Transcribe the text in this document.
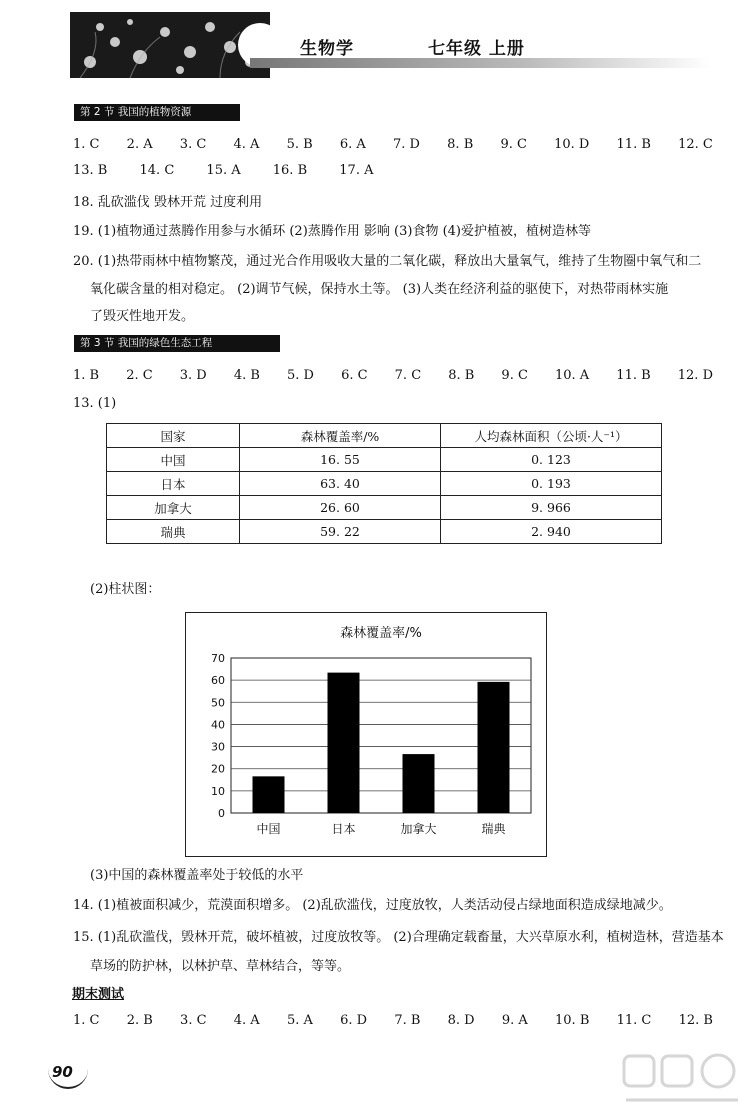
生物学	七年级 上册
第 2 节 我国的植物资源
1. C 2. A 3. C 4. A 5. B 6. A 7. D 8. B 9. C 10. D 11. B 12. C
13. B 14. C 15. A 16. B 17. A
18. 乱砍滥伐 毁林开荒 过度利用
19. (1)植物通过蒸腾作用参与水循环 (2)蒸腾作用 影响 (3)食物 (4)爱护植被，植树造林等
20. (1)热带雨林中植物繁茂，通过光合作用吸收大量的二氧化碳，释放出大量氧气，维持了生物圈中氧气和二
氧化碳含量的相对稳定。 (2)调节气候，保持水土等。 (3)人类在经济利益的驱使下，对热带雨林实施
了毁灭性地开发。
第 3 节 我国的绿色生态工程
1. B 2. C 3. D 4. B 5. D 6. C 7. C 8. B 9. C 10. A 11. B 12. D
13. (1)
国家	森林覆盖率/%	人均森林面积（公顷·人⁻¹）
中国	16. 55	0. 123
日本	63. 40	0. 193
加拿大	26. 60	9. 966
瑞典	59. 22	2. 940
(2)柱状图：
森林覆盖率/%
0
10
20
30
40
50
60
70
中国	日本	加拿大	瑞典
(3)中国的森林覆盖率处于较低的水平
14. (1)植被面积减少，荒漠面积增多。 (2)乱砍滥伐，过度放牧，人类活动侵占绿地面积造成绿地减少。
15. (1)乱砍滥伐，毁林开荒，破坏植被，过度放牧等。 (2)合理确定载畜量，大兴草原水利，植树造林，营造基本
草场的防护林，以林护草、草林结合，等等。
期末测试
1. C 2. B 3. C 4. A 5. A 6. D 7. B 8. D 9. A 10. B 11. C 12. B
90
